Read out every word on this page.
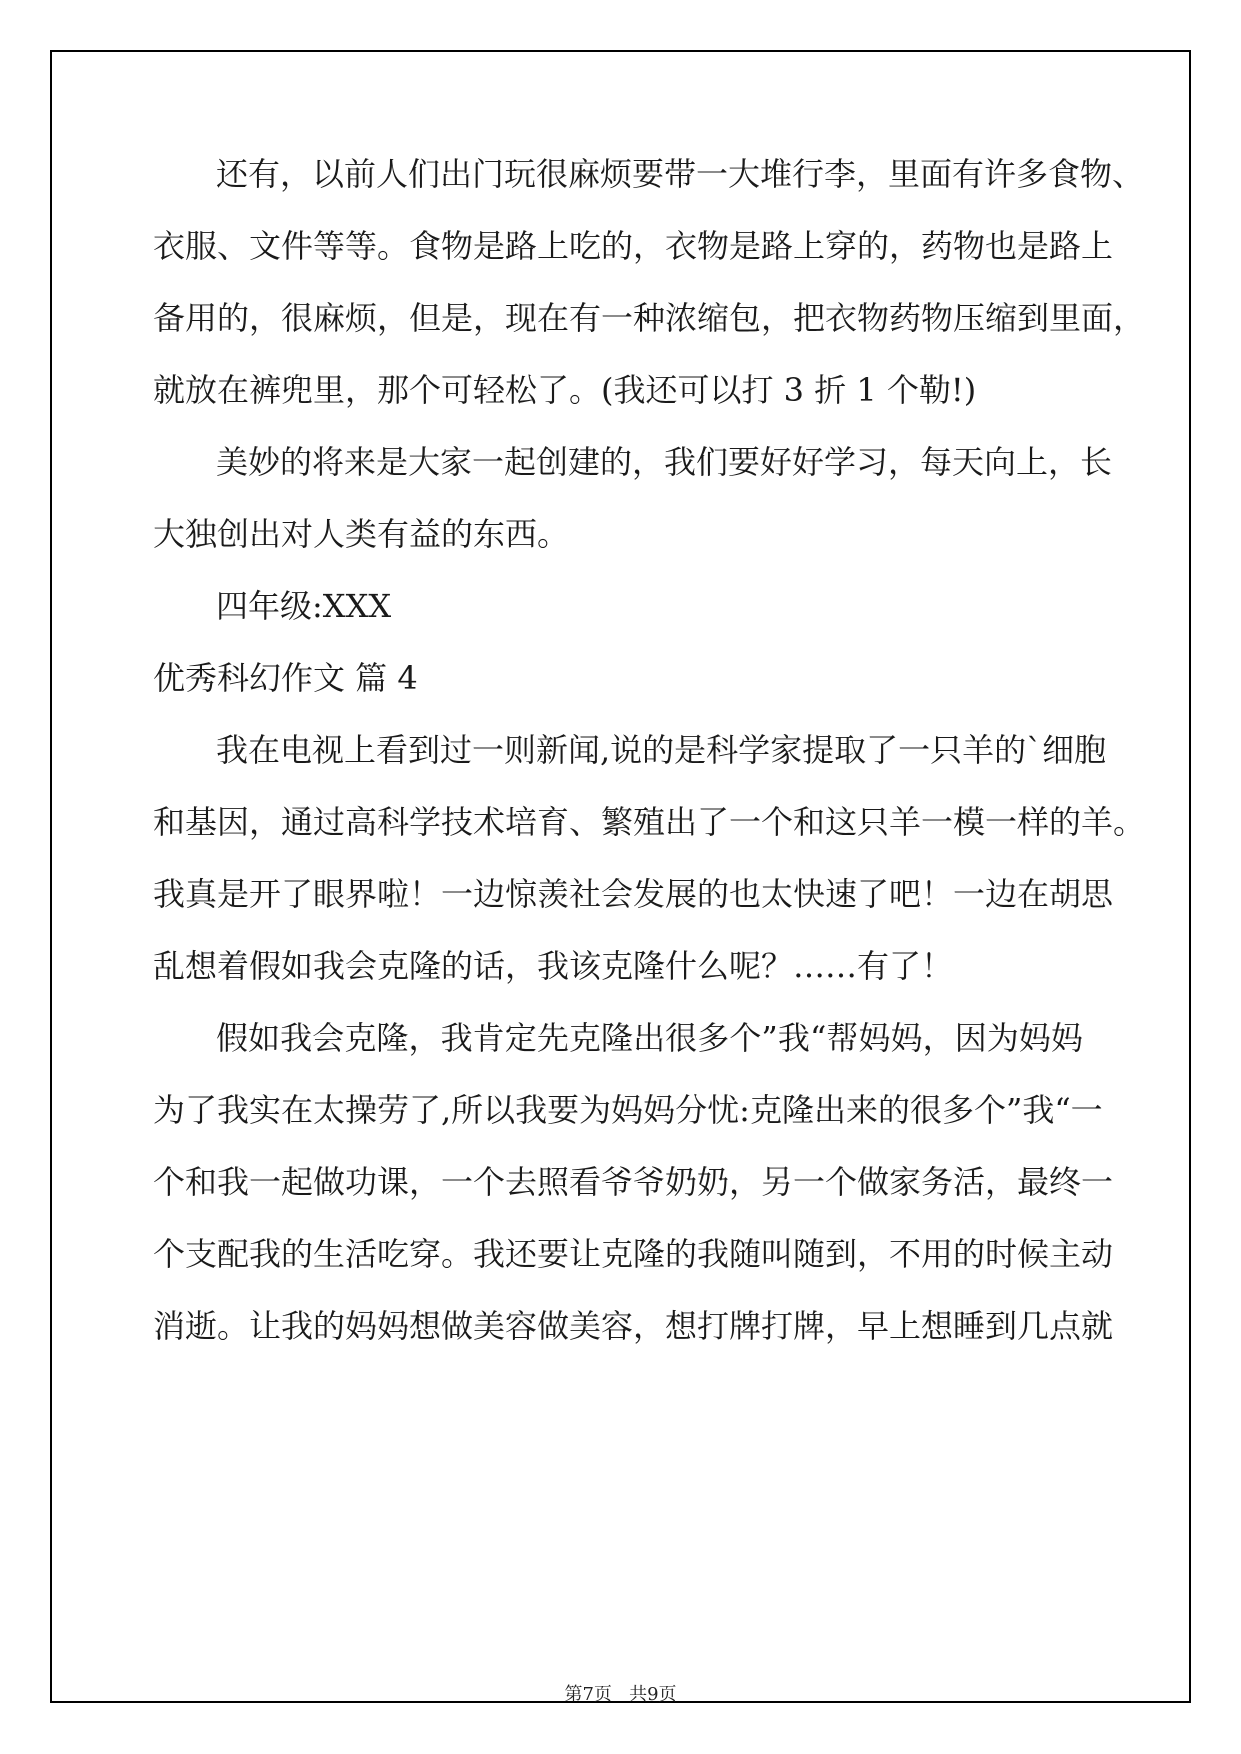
还有，以前人们出门玩很麻烦要带一大堆行李，里面有许多食物、
衣服、文件等等。食物是路上吃的，衣物是路上穿的，药物也是路上
备用的，很麻烦，但是，现在有一种浓缩包，把衣物药物压缩到里面，
就放在裤兜里，那个可轻松了。(我还可以打 3 折 1 个勒!)
美妙的将来是大家一起创建的，我们要好好学习，每天向上，长
大独创出对人类有益的东西。
四年级:XXX
优秀科幻作文 篇 4
我在电视上看到过一则新闻,说的是科学家提取了一只羊的`细胞
和基因，通过高科学技术培育、繁殖出了一个和这只羊一模一样的羊。
我真是开了眼界啦！一边惊羡社会发展的也太快速了吧！一边在胡思
乱想着假如我会克隆的话，我该克隆什么呢？……有了！
假如我会克隆，我肯定先克隆出很多个”我“帮妈妈，因为妈妈
为了我实在太操劳了,所以我要为妈妈分忧:克隆出来的很多个”我“一
个和我一起做功课，一个去照看爷爷奶奶，另一个做家务活，最终一
个支配我的生活吃穿。我还要让克隆的我随叫随到，不用的时候主动
消逝。让我的妈妈想做美容做美容，想打牌打牌，早上想睡到几点就
第7页   共9页
